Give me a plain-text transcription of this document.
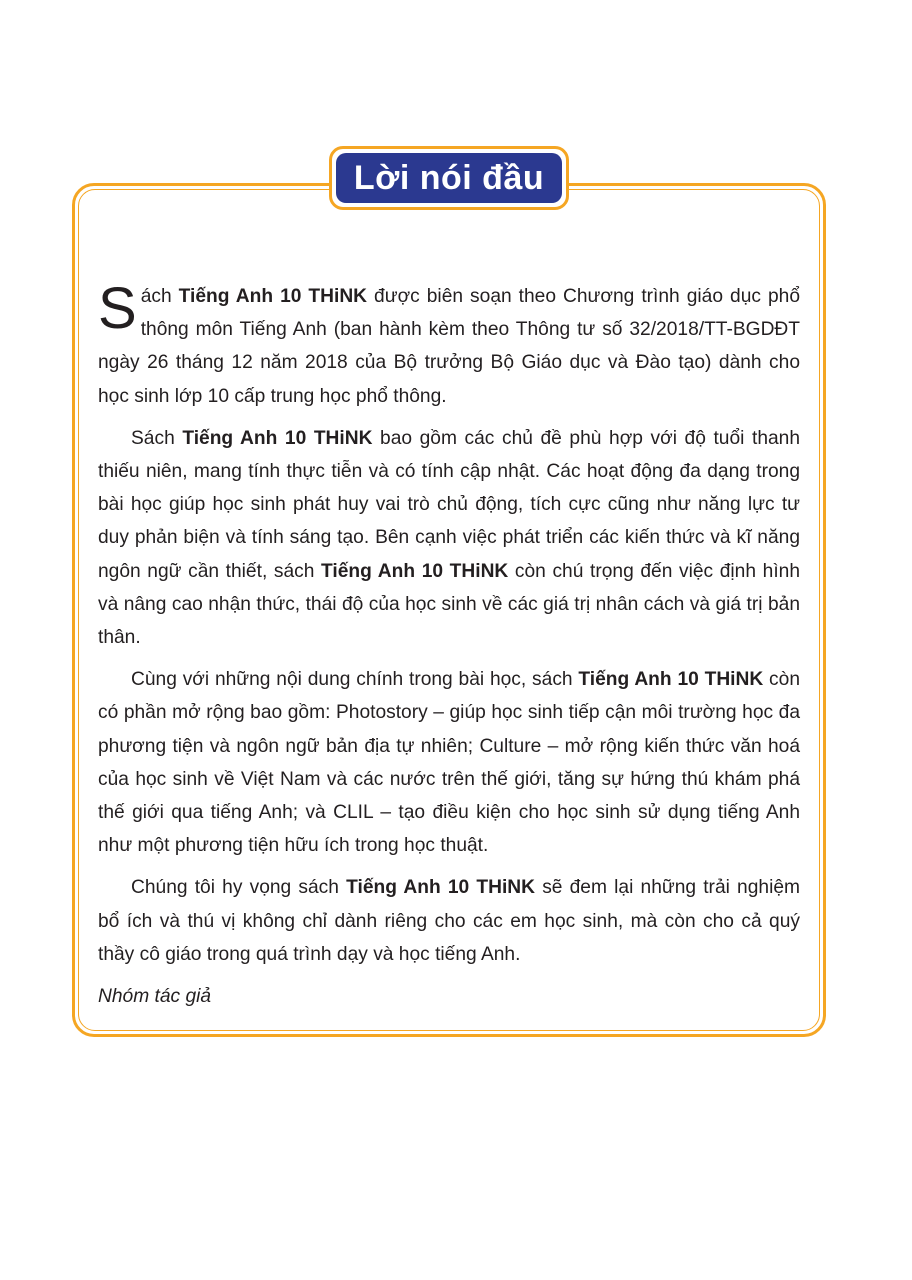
Lời nói đầu

Sách Tiếng Anh 10 THiNK được biên soạn theo Chương trình giáo dục phổ thông môn Tiếng Anh (ban hành kèm theo Thông tư số 32/2018/TT-BGDĐT ngày 26 tháng 12 năm 2018 của Bộ trưởng Bộ Giáo dục và Đào tạo) dành cho học sinh lớp 10 cấp trung học phổ thông.

Sách Tiếng Anh 10 THiNK bao gồm các chủ đề phù hợp với độ tuổi thanh thiếu niên, mang tính thực tiễn và có tính cập nhật. Các hoạt động đa dạng trong bài học giúp học sinh phát huy vai trò chủ động, tích cực cũng như năng lực tư duy phản biện và tính sáng tạo. Bên cạnh việc phát triển các kiến thức và kĩ năng ngôn ngữ cần thiết, sách Tiếng Anh 10 THiNK còn chú trọng đến việc định hình và nâng cao nhận thức, thái độ của học sinh về các giá trị nhân cách và giá trị bản thân.

Cùng với những nội dung chính trong bài học, sách Tiếng Anh 10 THiNK còn có phần mở rộng bao gồm: Photostory – giúp học sinh tiếp cận môi trường học đa phương tiện và ngôn ngữ bản địa tự nhiên; Culture – mở rộng kiến thức văn hoá của học sinh về Việt Nam và các nước trên thế giới, tăng sự hứng thú khám phá thế giới qua tiếng Anh; và CLIL – tạo điều kiện cho học sinh sử dụng tiếng Anh như một phương tiện hữu ích trong học thuật.

Chúng tôi hy vọng sách Tiếng Anh 10 THiNK sẽ đem lại những trải nghiệm bổ ích và thú vị không chỉ dành riêng cho các em học sinh, mà còn cho cả quý thầy cô giáo trong quá trình dạy và học tiếng Anh.

Nhóm tác giả
